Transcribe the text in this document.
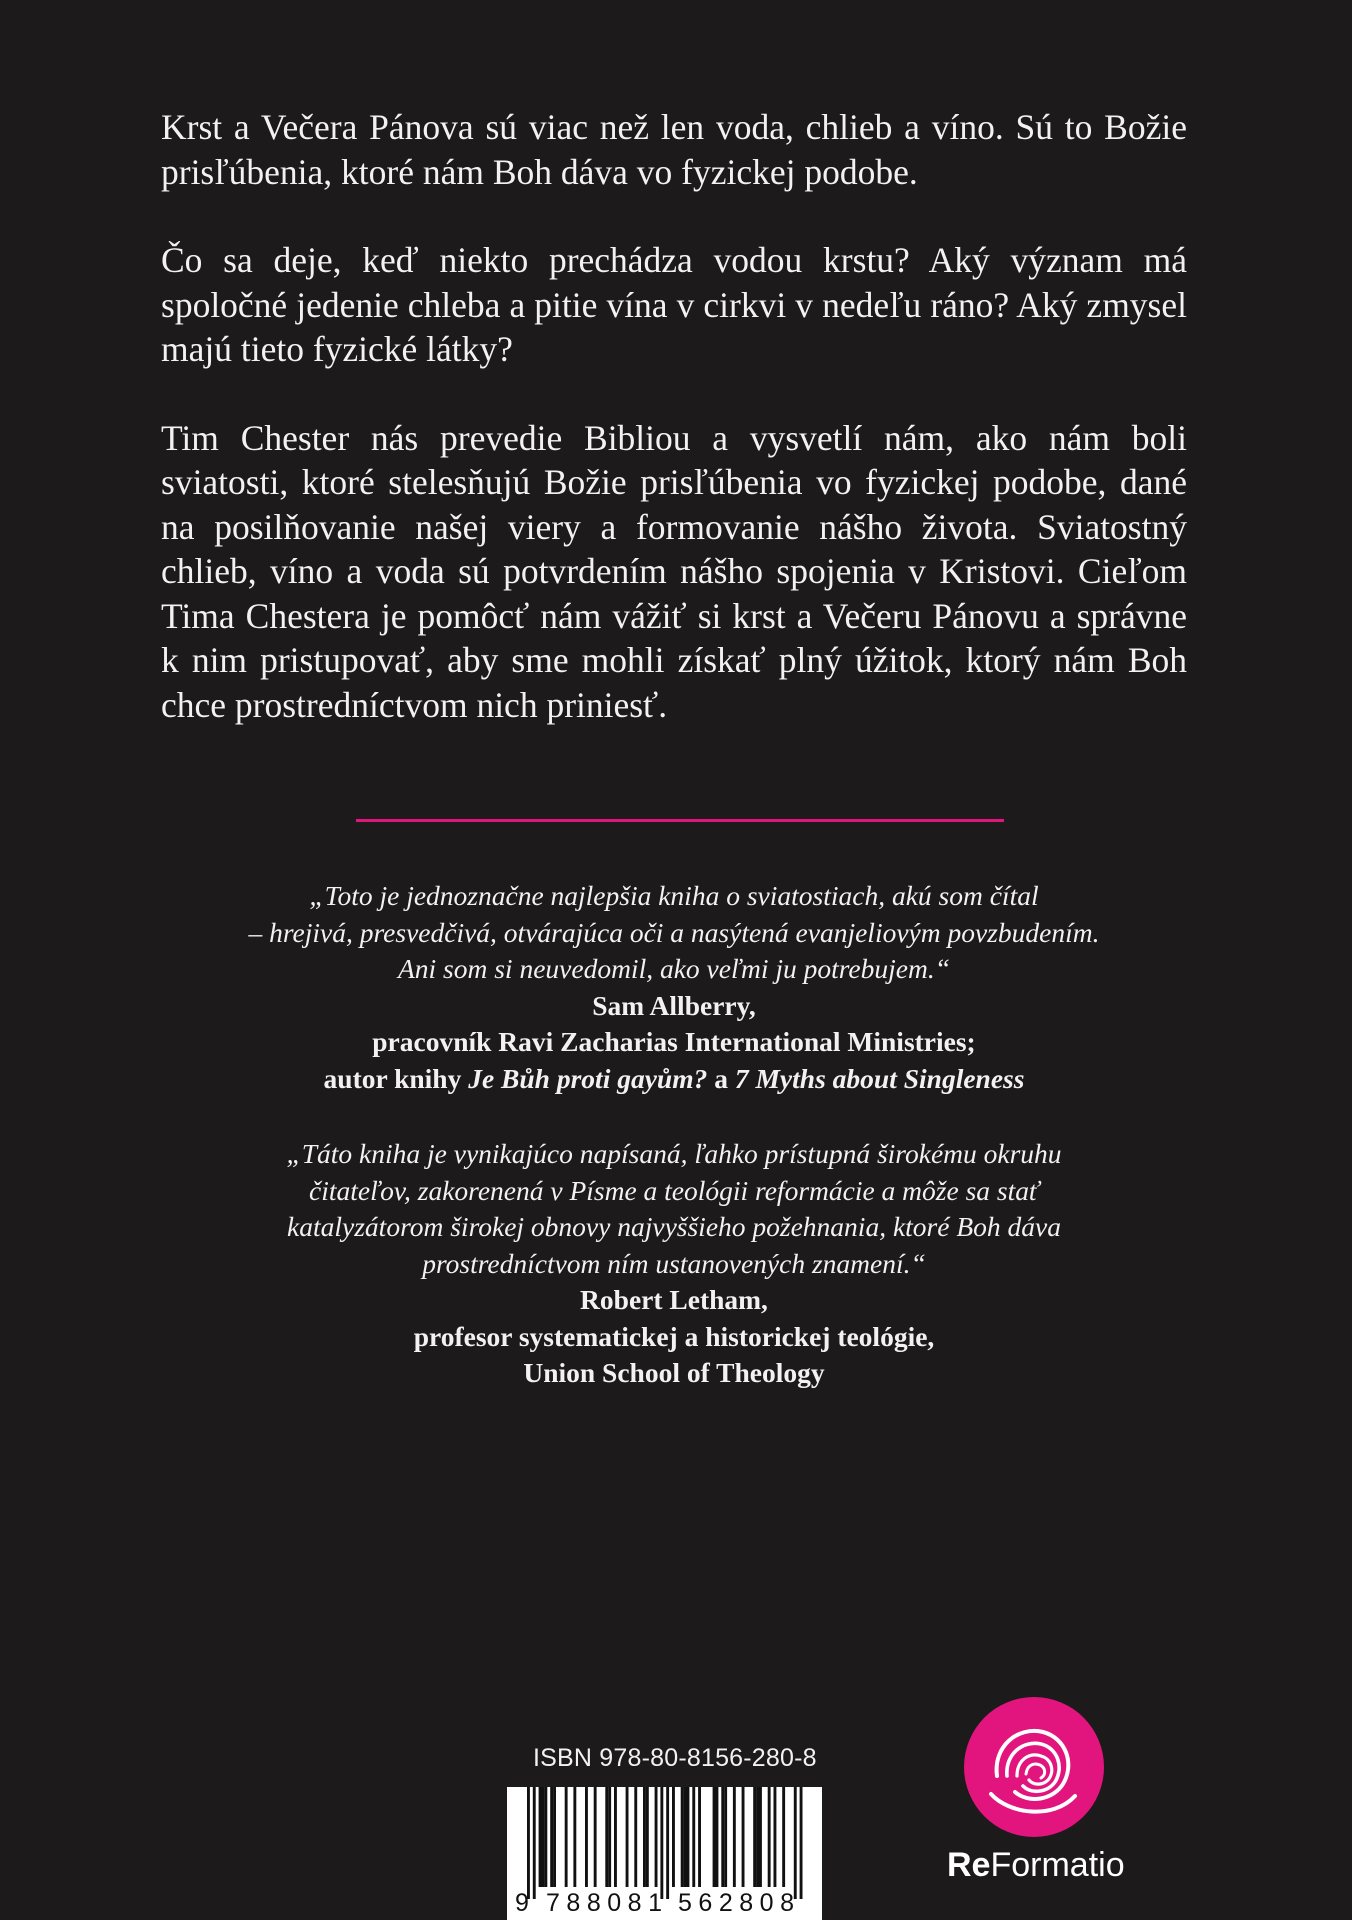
Krst a Večera Pánova sú viac než len voda, chlieb a víno. Sú to Božie prisľúbenia, ktoré nám Boh dáva vo fyzickej podobe.

Čo sa deje, keď niekto prechádza vodou krstu? Aký význam má spoločné jedenie chleba a pitie vína v cirkvi v nedeľu ráno? Aký zmysel majú tieto fyzické látky?

Tim Chester nás prevedie Bibliou a vysvetlí nám, ako nám boli sviatosti, ktoré stelesňujú Božie prisľúbenia vo fyzickej podobe, dané na posilňovanie našej viery a formovanie nášho života. Sviatostný chlieb, víno a voda sú potvrdením nášho spojenia v Kristovi. Cieľom Tima Chestera je pomôcť nám vážiť si krst a Večeru Pánovu a správne k nim pristupovať, aby sme mohli získať plný úžitok, ktorý nám Boh chce prostredníctvom nich priniesť.

„Toto je jednoznačne najlepšia kniha o sviatostiach, akú som čítal
– hrejivá, presvedčivá, otvárajúca oči a nasýtená evanjeliovým povzbudením.
Ani som si neuvedomil, ako veľmi ju potrebujem.“
Sam Allberry,
pracovník Ravi Zacharias International Ministries;
autor knihy Je Bůh proti gayům? a 7 Myths about Singleness
„Táto kniha je vynikajúco napísaná, ľahko prístupná širokému okruhu
čitateľov, zakorenená v Písme a teológii reformácie a môže sa stať
katalyzátorom širokej obnovy najvyššieho požehnania, ktoré Boh dáva
prostredníctvom ním ustanovených znamení.“
Robert Letham,
profesor systematickej a historickej teológie,
Union School of Theology
ISBN 978-80-8156-280-8
9 788081 562808
ReFormatio
